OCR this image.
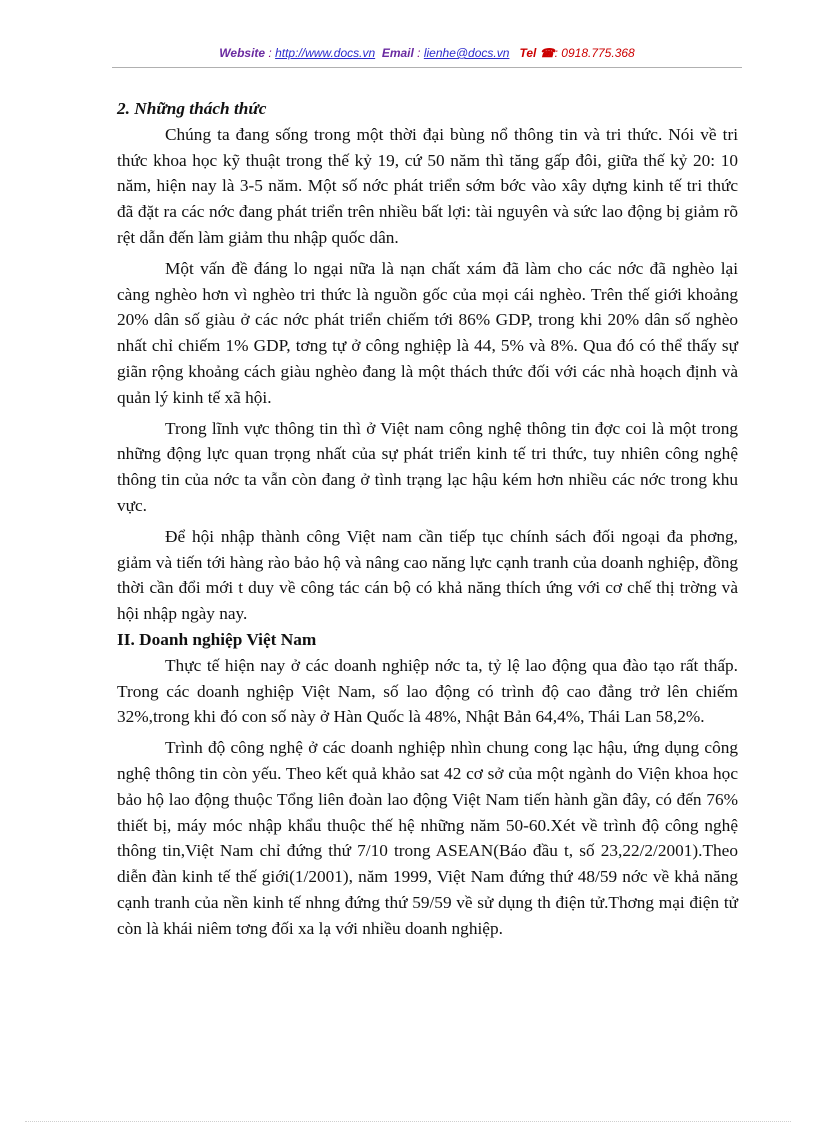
Website : http://www.docs.vn Email : lienhe@docs.vn Tel ☎: 0918.775.368
2. Những thách thức

Chúng ta đang sống trong một thời đại bùng nổ thông tin và tri thức. Nói về tri thức khoa học kỹ thuật trong thế kỷ 19, cứ 50 năm thì tăng gấp đôi, giữa thế kỷ 20: 10 năm, hiện nay là 3-5 năm. Một số nớc phát triển sớm bớc vào xây dựng kinh tế tri thức đã đặt ra các nớc đang phát triển trên nhiều bất lợi: tài nguyên và sức lao động bị giảm rõ rệt dẫn đến làm giảm thu nhập quốc dân.

Một vấn đề đáng lo ngại nữa là nạn chất xám đã làm cho các nớc đã nghèo lại càng nghèo hơn vì nghèo tri thức là nguồn gốc của mọi cái nghèo. Trên thế giới khoảng 20% dân số giàu ở các nớc phát triển chiếm tới 86% GDP, trong khi 20% dân số nghèo nhất chỉ chiếm 1% GDP, tơng tự ở công nghiệp là 44, 5% và 8%. Qua đó có thể thấy sự giãn rộng khoảng cách giàu nghèo đang là một thách thức đối với các nhà hoạch định và quản lý kinh tế xã hội.

Trong lĩnh vực thông tin thì ở Việt nam công nghệ thông tin đợc coi là một trong những động lực quan trọng nhất của sự phát triển kinh tế tri thức, tuy nhiên công nghệ thông tin của nớc ta vẫn còn đang ở tình trạng lạc hậu kém hơn nhiều các nớc trong khu vực.

Để hội nhập thành công Việt nam cần tiếp tục chính sách đối ngoại đa phơng, giảm và tiến tới hàng rào bảo hộ và nâng cao năng lực cạnh tranh của doanh nghiệp, đồng thời cần đổi mới t duy về công tác cán bộ có khả năng thích ứng với cơ chế thị trờng và hội nhập ngày nay.

II. Doanh nghiệp Việt Nam

Thực tế hiện nay ở các doanh nghiệp nớc ta, tỷ lệ lao động qua đào tạo rất thấp. Trong các doanh nghiệp Việt Nam, số lao động có trình độ cao đẳng trở lên chiếm 32%,trong khi đó con số này ở Hàn Quốc là 48%, Nhật Bản 64,4%, Thái Lan 58,2%.

Trình độ công nghệ ở các doanh nghiệp nhìn chung cong lạc hậu, ứng dụng công nghệ thông tin còn yếu. Theo kết quả khảo sat 42 cơ sở của một ngành do Viện khoa học bảo hộ lao động thuộc Tổng liên đoàn lao động Việt Nam tiến hành gần đây, có đến 76% thiết bị, máy móc nhập khẩu thuộc thế hệ những năm 50-60.Xét về trình độ công nghệ thông tin,Việt Nam chỉ đứng thứ 7/10 trong ASEAN(Báo đầu t, số 23,22/2/2001).Theo diễn đàn kinh tế thế giới(1/2001), năm 1999, Việt Nam đứng thứ 48/59 nớc về khả năng cạnh tranh của nền kinh tế nhng đứng thứ 59/59 về sử dụng th điện tử.Thơng mại điện tử còn là khái niêm tơng đối xa lạ với nhiều doanh nghiệp.
